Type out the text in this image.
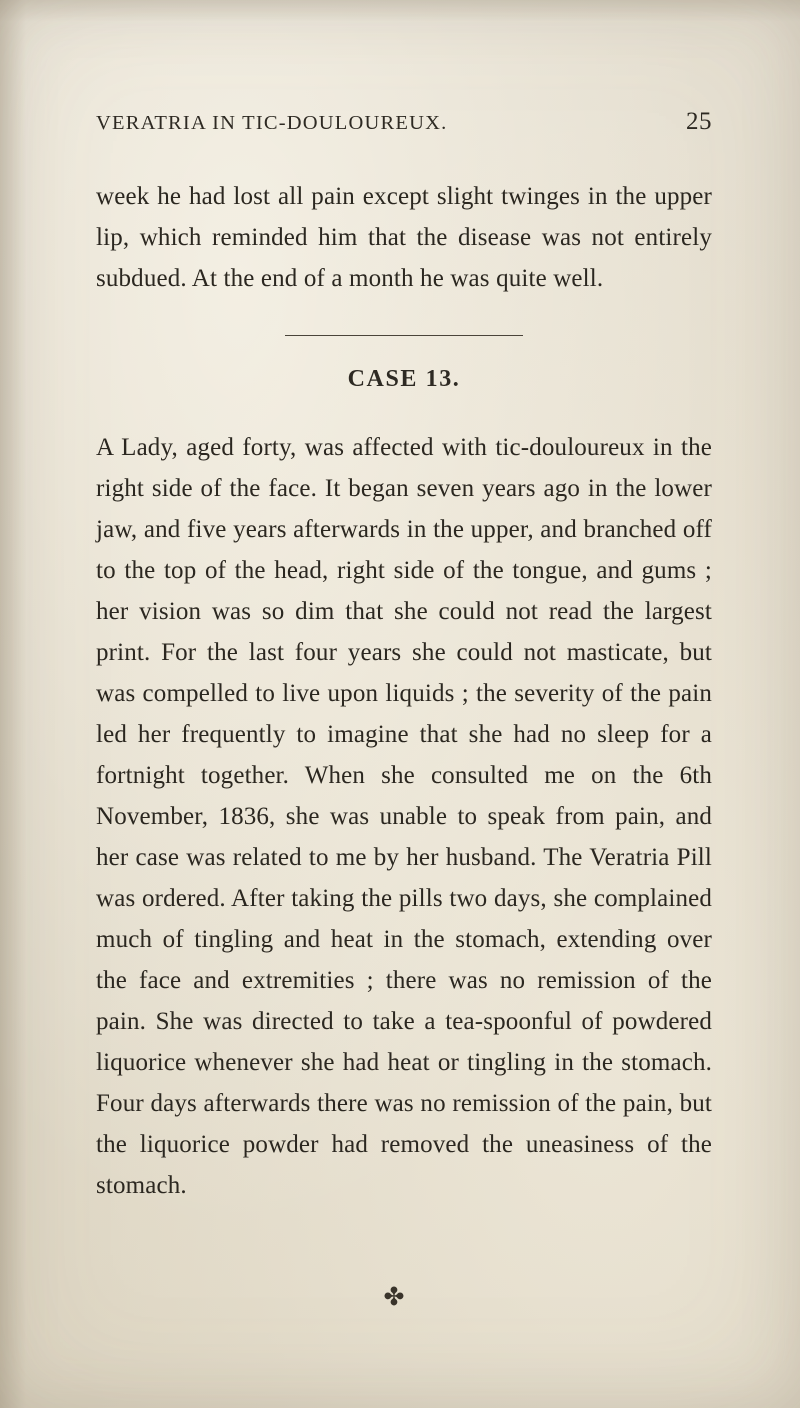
VERATRIA IN TIC-DOULOUREUX.	25

week he had lost all pain except slight twinges in the upper lip, which reminded him that the disease was not entirely subdued. At the end of a month he was quite well.

CASE 13.

A Lady, aged forty, was affected with tic-douloureux in the right side of the face. It began seven years ago in the lower jaw, and five years afterwards in the upper, and branched off to the top of the head, right side of the tongue, and gums ; her vision was so dim that she could not read the largest print. For the last four years she could not masticate, but was compelled to live upon liquids ; the severity of the pain led her frequently to imagine that she had no sleep for a fortnight together. When she consulted me on the 6th November, 1836, she was unable to speak from pain, and her case was related to me by her husband. The Veratria Pill was ordered. After taking the pills two days, she complained much of tingling and heat in the stomach, extending over the face and extremities ; there was no remission of the pain. She was directed to take a tea-spoonful of powdered liquorice whenever she had heat or tingling in the stomach. Four days afterwards there was no remission of the pain, but the liquorice powder had removed the uneasiness of the stomach.

✤
